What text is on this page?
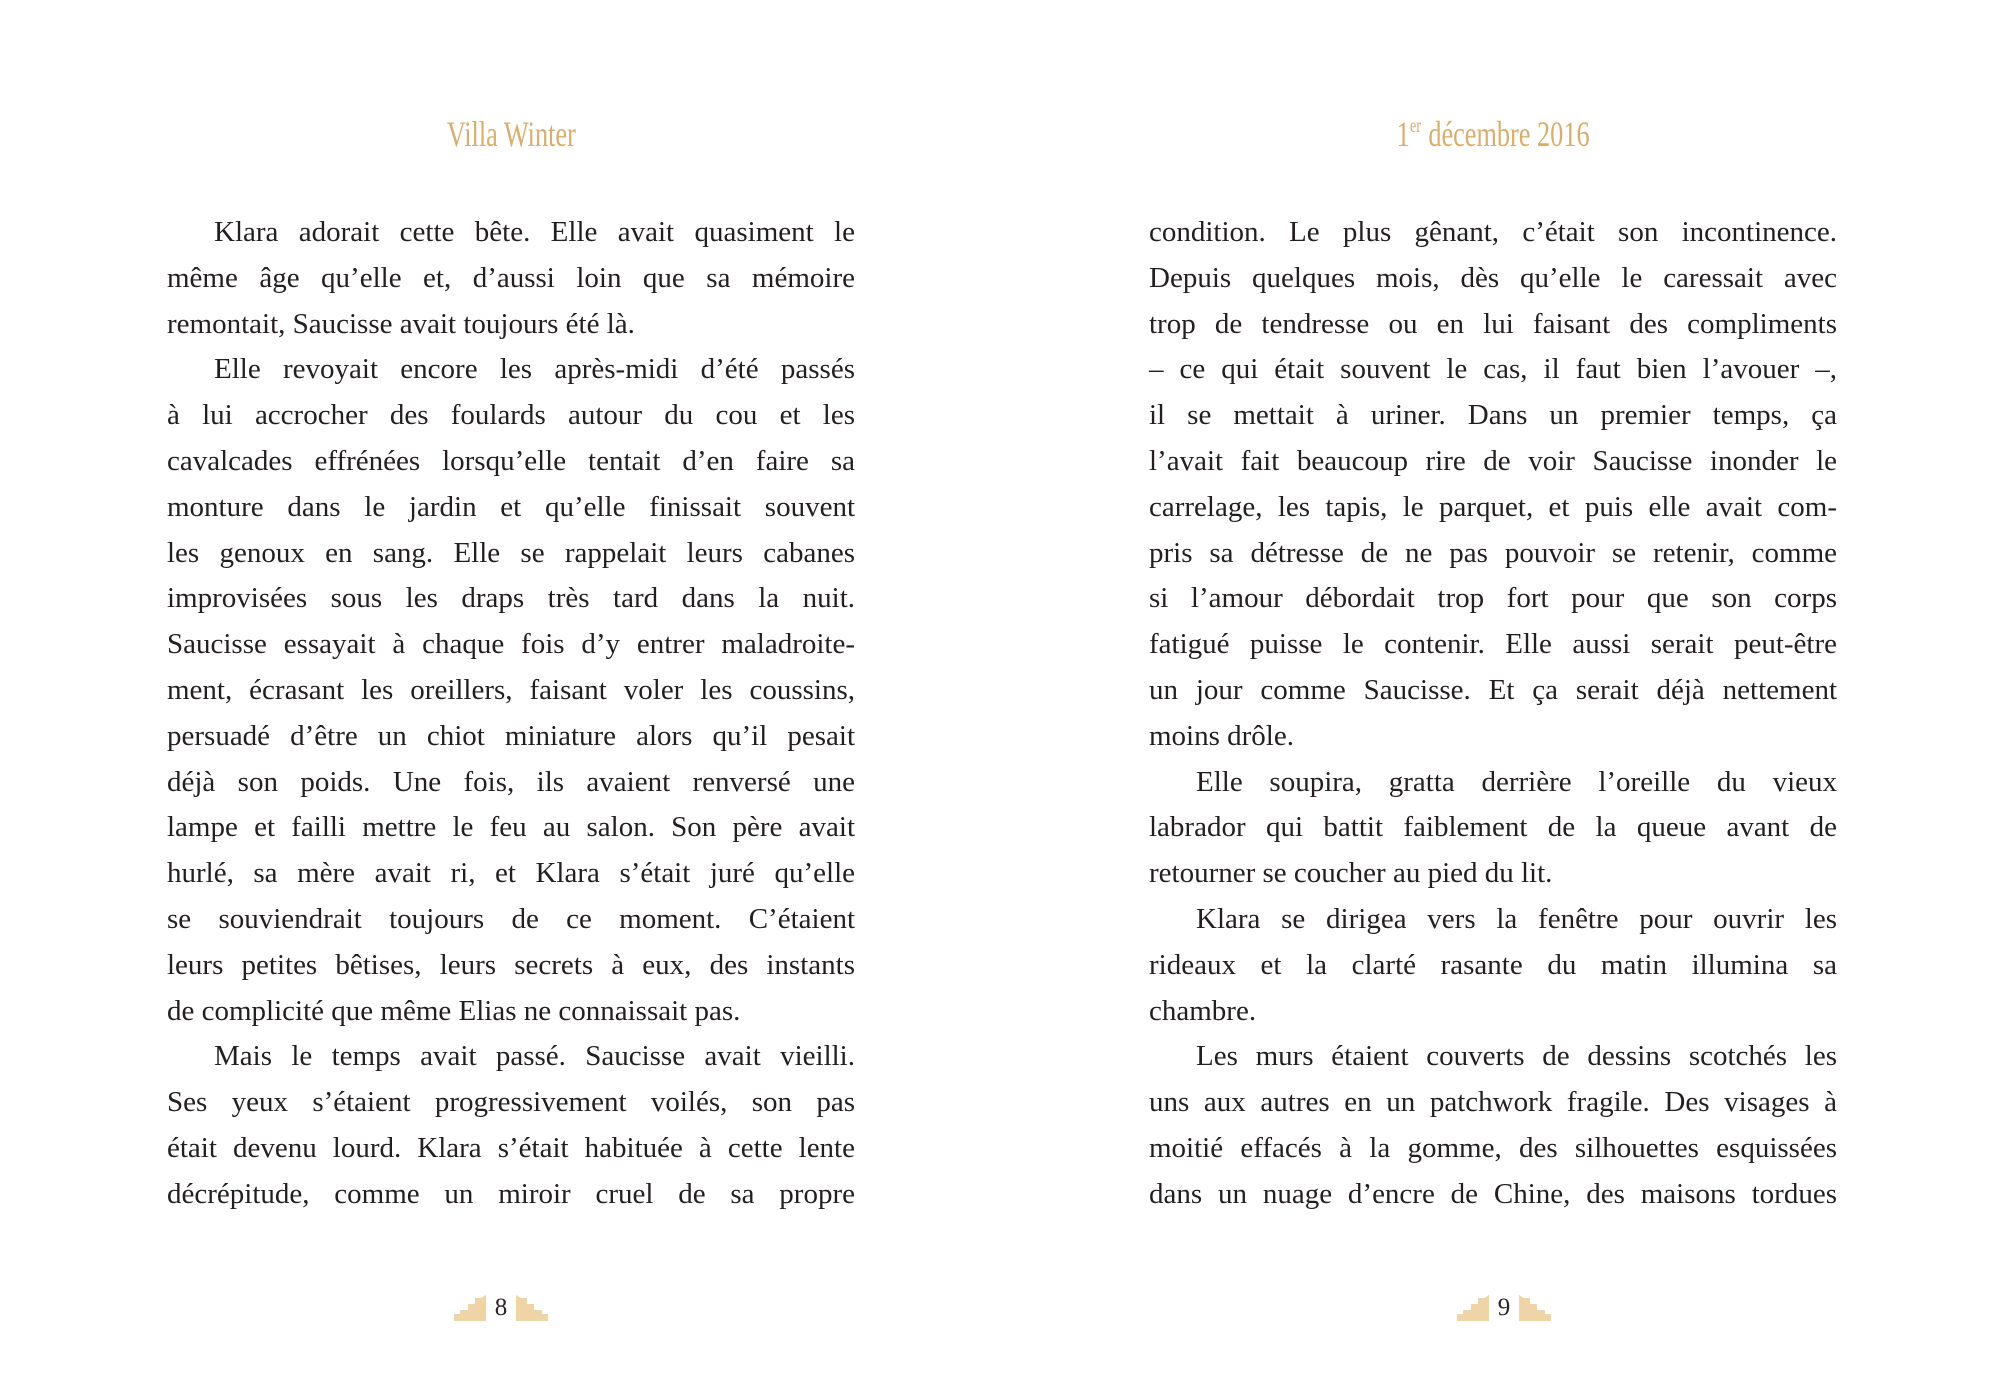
Villa Winter
Klara adorait cette bête. Elle avait quasiment le
même âge qu’elle et, d’aussi loin que sa mémoire
remontait, Saucisse avait toujours été là.
Elle revoyait encore les après-midi d’été passés
à lui accrocher des foulards autour du cou et les
cavalcades effrénées lorsqu’elle tentait d’en faire sa
monture dans le jardin et qu’elle finissait souvent
les genoux en sang. Elle se rappelait leurs cabanes
improvisées sous les draps très tard dans la nuit.
Saucisse essayait à chaque fois d’y entrer maladroite-
ment, écrasant les oreillers, faisant voler les coussins,
persuadé d’être un chiot miniature alors qu’il pesait
déjà son poids. Une fois, ils avaient renversé une
lampe et failli mettre le feu au salon. Son père avait
hurlé, sa mère avait ri, et Klara s’était juré qu’elle
se souviendrait toujours de ce moment. C’étaient
leurs petites bêtises, leurs secrets à eux, des instants
de complicité que même Elias ne connaissait pas.
Mais le temps avait passé. Saucisse avait vieilli.
Ses yeux s’étaient progressivement voilés, son pas
était devenu lourd. Klara s’était habituée à cette lente
décrépitude, comme un miroir cruel de sa propre
8
1er décembre 2016
condition. Le plus gênant, c’était son incontinence.
Depuis quelques mois, dès qu’elle le caressait avec
trop de tendresse ou en lui faisant des compliments
– ce qui était souvent le cas, il faut bien l’avouer –,
il se mettait à uriner. Dans un premier temps, ça
l’avait fait beaucoup rire de voir Saucisse inonder le
carrelage, les tapis, le parquet, et puis elle avait com-
pris sa détresse de ne pas pouvoir se retenir, comme
si l’amour débordait trop fort pour que son corps
fatigué puisse le contenir. Elle aussi serait peut-être
un jour comme Saucisse. Et ça serait déjà nettement
moins drôle.
Elle soupira, gratta derrière l’oreille du vieux
labrador qui battit faiblement de la queue avant de
retourner se coucher au pied du lit.
Klara se dirigea vers la fenêtre pour ouvrir les
rideaux et la clarté rasante du matin illumina sa
chambre.
Les murs étaient couverts de dessins scotchés les
uns aux autres en un patchwork fragile. Des visages à
moitié effacés à la gomme, des silhouettes esquissées
dans un nuage d’encre de Chine, des maisons tordues
9
